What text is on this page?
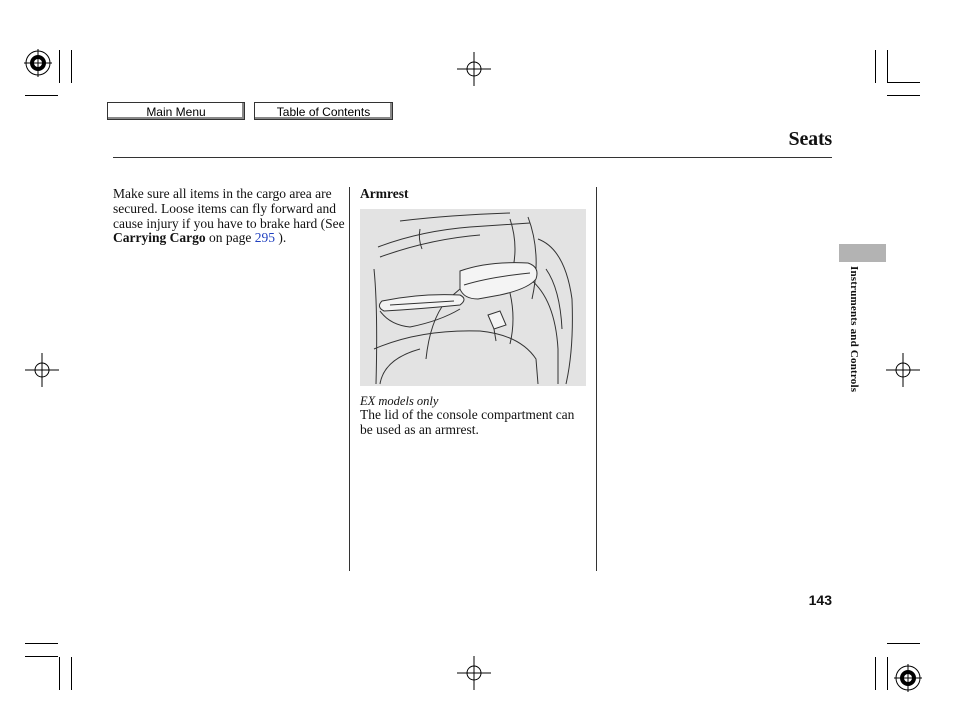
Main Menu	Table of Contents
Seats
Make sure all items in the cargo area are secured. Loose items can fly forward and cause injury if you have to brake hard (See Carrying Cargo on page 295 ).
Armrest
EX models only
The lid of the console compartment can be used as an armrest.
Instruments and Controls
143
